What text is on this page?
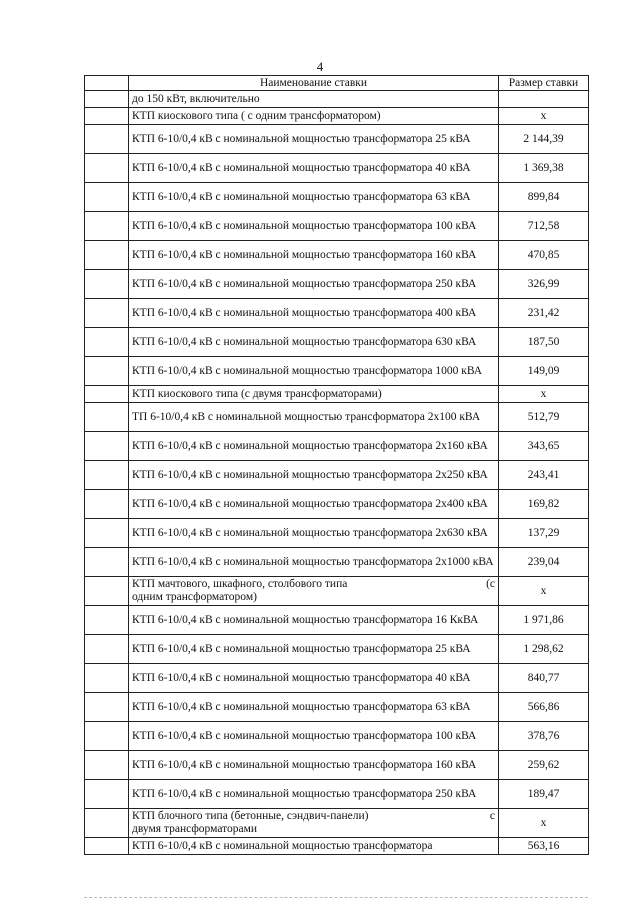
4
	Наименование ставки	Размер ставки
	до 150 кВт, включительно	
	КТП киоскового типа ( с одним трансформатором)	х
	КТП 6-10/0,4 кВ с номинальной мощностью трансформатора 25 кВА	2 144,39
	КТП 6-10/0,4 кВ с номинальной мощностью трансформатора 40 кВА	1 369,38
	КТП 6-10/0,4 кВ с номинальной мощностью трансформатора 63 кВА	899,84
	КТП 6-10/0,4 кВ с номинальной мощностью трансформатора 100 кВА	712,58
	КТП 6-10/0,4 кВ с номинальной мощностью трансформатора 160 кВА	470,85
	КТП 6-10/0,4 кВ с номинальной мощностью трансформатора 250 кВА	326,99
	КТП 6-10/0,4 кВ с номинальной мощностью трансформатора 400 кВА	231,42
	КТП 6-10/0,4 кВ с номинальной мощностью трансформатора 630 кВА	187,50
	КТП 6-10/0,4 кВ с номинальной мощностью трансформатора 1000 кВА	149,09
	КТП киоскового типа (с двумя трансформаторами)	х
	ТП 6-10/0,4 кВ с номинальной мощностью трансформатора 2х100 кВА	512,79
	КТП 6-10/0,4 кВ с номинальной мощностью трансформатора 2х160 кВА	343,65
	КТП 6-10/0,4 кВ с номинальной мощностью трансформатора 2х250 кВА	243,41
	КТП 6-10/0,4 кВ с номинальной мощностью трансформатора 2х400 кВА	169,82
	КТП 6-10/0,4 кВ с номинальной мощностью трансформатора 2х630 кВА	137,29
	КТП 6-10/0,4 кВ с номинальной мощностью трансформатора 2х1000 кВА	239,04

	КТП мачтового, шкафного, столбового типа (с
одним трансформатором)	х
	КТП 6-10/0,4 кВ с номинальной мощностью трансформатора 16 КкВА	1 971,86
	КТП 6-10/0,4 кВ с номинальной мощностью трансформатора 25 кВА	1 298,62
	КТП 6-10/0,4 кВ с номинальной мощностью трансформатора 40 кВА	840,77
	КТП 6-10/0,4 кВ с номинальной мощностью трансформатора 63 кВА	566,86
	КТП 6-10/0,4 кВ с номинальной мощностью трансформатора 100 кВА	378,76
	КТП 6-10/0,4 кВ с номинальной мощностью трансформатора 160 кВА	259,62
	КТП 6-10/0,4 кВ с номинальной мощностью трансформатора 250 кВА	189,47

	КТП блочного типа (бетонные, сэндвич-панели) с
двумя трансформаторами	х
	КТП 6-10/0,4 кВ с номинальной мощностью трансформатора	563,16
